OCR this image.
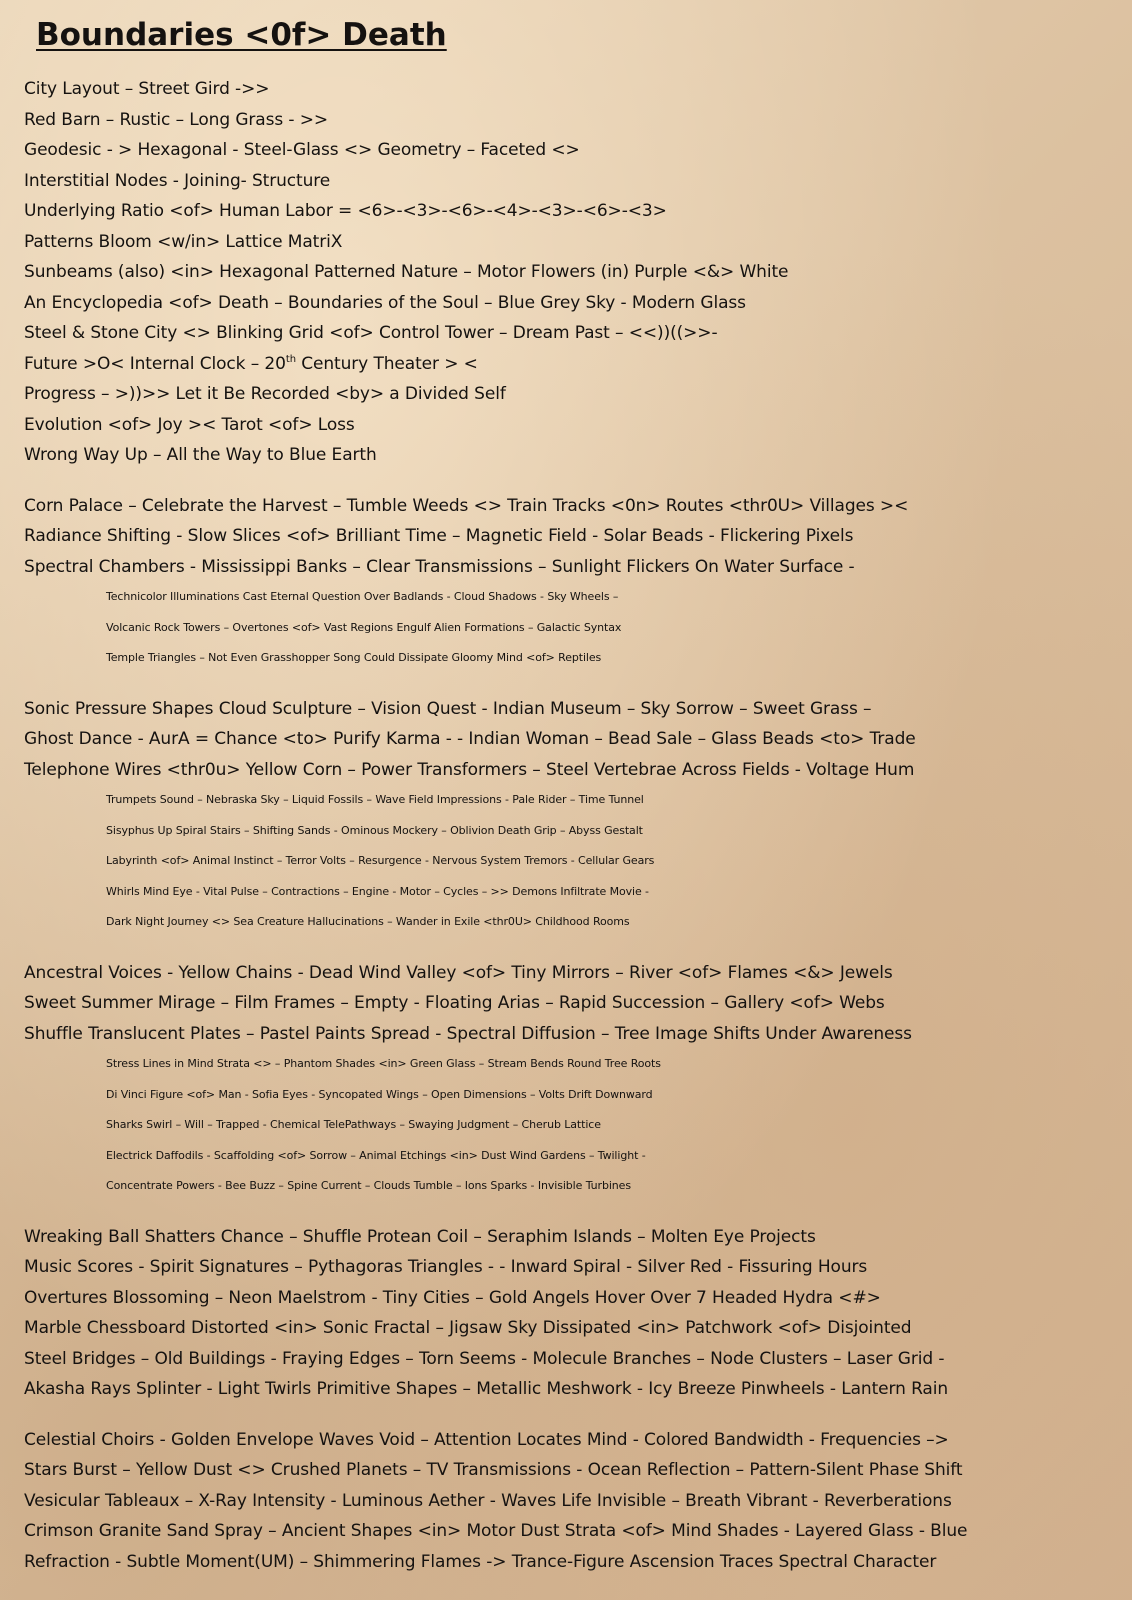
Boundaries <0f> Death
City Layout – Street Gird ->>
Red Barn – Rustic – Long Grass - >>
Geodesic - > Hexagonal - Steel-Glass <> Geometry – Faceted <>
Interstitial Nodes - Joining- Structure
Underlying Ratio <of> Human Labor = <6>-<3>-<6>-<4>-<3>-<6>-<3>
Patterns Bloom <w/in> Lattice MatriX
Sunbeams (also) <in> Hexagonal Patterned Nature – Motor Flowers (in) Purple <&> White
An Encyclopedia <of> Death – Boundaries of the Soul – Blue Grey Sky - Modern Glass
Steel & Stone City <> Blinking Grid <of> Control Tower – Dream Past – <<))((>>-
Future >O< Internal Clock – 20th Century Theater > <
Progress – >))>> Let it Be Recorded <by> a Divided Self
Evolution <of> Joy >< Tarot <of> Loss
Wrong Way Up – All the Way to Blue Earth
Corn Palace – Celebrate the Harvest – Tumble Weeds <> Train Tracks <0n> Routes <thr0U> Villages ><
Radiance Shifting - Slow Slices <of> Brilliant Time – Magnetic Field - Solar Beads - Flickering Pixels
Spectral Chambers - Mississippi Banks – Clear Transmissions – Sunlight Flickers On Water Surface -
Technicolor Illuminations Cast Eternal Question Over Badlands - Cloud Shadows - Sky Wheels –
Volcanic Rock Towers – Overtones <of> Vast Regions Engulf Alien Formations – Galactic Syntax
Temple Triangles – Not Even Grasshopper Song Could Dissipate Gloomy Mind <of> Reptiles
Sonic Pressure Shapes Cloud Sculpture – Vision Quest - Indian Museum – Sky Sorrow – Sweet Grass –
Ghost Dance - AurA = Chance <to> Purify Karma - - Indian Woman – Bead Sale – Glass Beads <to> Trade
Telephone Wires <thr0u> Yellow Corn – Power Transformers – Steel Vertebrae Across Fields - Voltage Hum
Trumpets Sound – Nebraska Sky – Liquid Fossils – Wave Field Impressions - Pale Rider – Time Tunnel
Sisyphus Up Spiral Stairs – Shifting Sands - Ominous Mockery – Oblivion Death Grip – Abyss Gestalt
Labyrinth <of> Animal Instinct – Terror Volts – Resurgence - Nervous System Tremors - Cellular Gears
Whirls Mind Eye - Vital Pulse – Contractions – Engine - Motor – Cycles – >> Demons Infiltrate Movie -
Dark Night Journey <> Sea Creature Hallucinations – Wander in Exile <thr0U> Childhood Rooms
Ancestral Voices - Yellow Chains - Dead Wind Valley <of> Tiny Mirrors – River <of> Flames <&> Jewels
Sweet Summer Mirage – Film Frames – Empty - Floating Arias – Rapid Succession – Gallery <of> Webs
Shuffle Translucent Plates – Pastel Paints Spread - Spectral Diffusion – Tree Image Shifts Under Awareness
Stress Lines in Mind Strata <> – Phantom Shades <in> Green Glass – Stream Bends Round Tree Roots
Di Vinci Figure <of> Man - Sofia Eyes - Syncopated Wings – Open Dimensions – Volts Drift Downward
Sharks Swirl – Will – Trapped - Chemical TelePathways – Swaying Judgment – Cherub Lattice
Electrick Daffodils - Scaffolding <of> Sorrow – Animal Etchings <in> Dust Wind Gardens – Twilight -
Concentrate Powers - Bee Buzz – Spine Current – Clouds Tumble – Ions Sparks - Invisible Turbines
Wreaking Ball Shatters Chance – Shuffle Protean Coil – Seraphim Islands – Molten Eye Projects
Music Scores - Spirit Signatures – Pythagoras Triangles - - Inward Spiral - Silver Red - Fissuring Hours
Overtures Blossoming – Neon Maelstrom - Tiny Cities – Gold Angels Hover Over 7 Headed Hydra <#>
Marble Chessboard Distorted <in> Sonic Fractal – Jigsaw Sky Dissipated <in> Patchwork <of> Disjointed
Steel Bridges – Old Buildings - Fraying Edges – Torn Seems - Molecule Branches – Node Clusters – Laser Grid -
Akasha Rays Splinter - Light Twirls Primitive Shapes – Metallic Meshwork - Icy Breeze Pinwheels - Lantern Rain
Celestial Choirs - Golden Envelope Waves Void – Attention Locates Mind - Colored Bandwidth - Frequencies –>
Stars Burst – Yellow Dust <> Crushed Planets – TV Transmissions - Ocean Reflection – Pattern-Silent Phase Shift
Vesicular Tableaux – X-Ray Intensity - Luminous Aether - Waves Life Invisible – Breath Vibrant - Reverberations
Crimson Granite Sand Spray – Ancient Shapes <in> Motor Dust Strata <of> Mind Shades - Layered Glass - Blue
Refraction - Subtle Moment(UM) – Shimmering Flames -> Trance-Figure Ascension Traces Spectral Character
